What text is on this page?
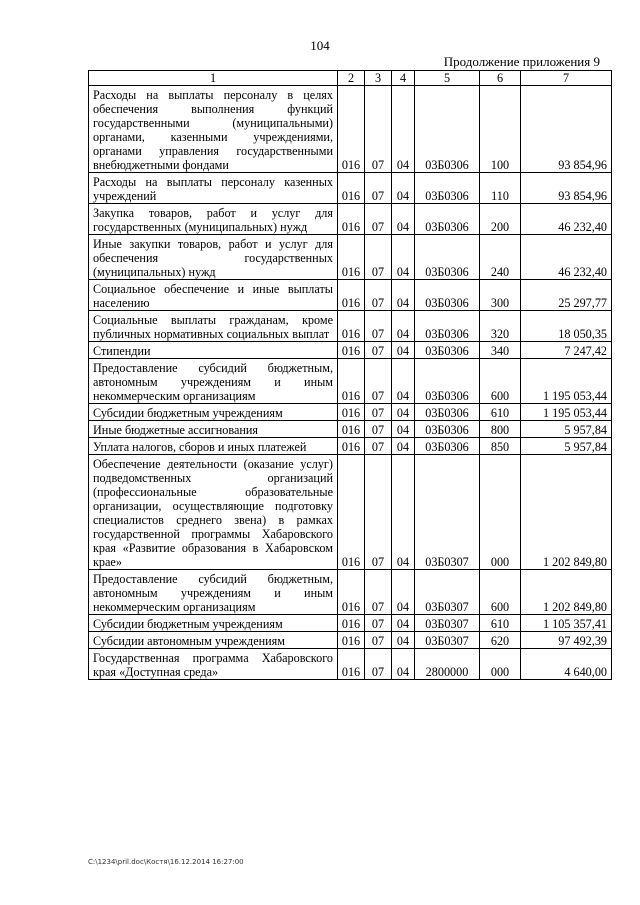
104
Продолжение приложения 9
1	2	3	4	5	6	7
Расходы на выплаты персоналу в целях обеспечения выполнения функций государственными (муниципальными) органами, казенными учреждениями, органами управления государственными внебюджетными фондами	016	07	04	03Б0306	100	93 854,96
Расходы на выплаты персоналу казенных учреждений	016	07	04	03Б0306	110	93 854,96
Закупка товаров, работ и услуг для государственных (муниципальных) нужд	016	07	04	03Б0306	200	46 232,40
Иные закупки товаров, работ и услуг для обеспечения государственных (муниципальных) нужд	016	07	04	03Б0306	240	46 232,40
Социальное обеспечение и иные выплаты населению	016	07	04	03Б0306	300	25 297,77
Социальные выплаты гражданам, кроме публичных нормативных социальных выплат	016	07	04	03Б0306	320	18 050,35
Стипендии	016	07	04	03Б0306	340	7 247,42
Предоставление субсидий бюджетным, автономным учреждениям и иным некоммерческим организациям	016	07	04	03Б0306	600	1 195 053,44
Субсидии бюджетным учреждениям	016	07	04	03Б0306	610	1 195 053,44
Иные бюджетные ассигнования	016	07	04	03Б0306	800	5 957,84
Уплата налогов, сборов и иных платежей	016	07	04	03Б0306	850	5 957,84
Обеспечение деятельности (оказание услуг) подведомственных организаций (профессиональные образовательные организации, осуществляющие подготовку специалистов среднего звена) в рамках государственной программы Хабаровского края «Развитие образования в Хабаровском крае»	016	07	04	03Б0307	000	1 202 849,80
Предоставление субсидий бюджетным, автономным учреждениям и иным некоммерческим организациям	016	07	04	03Б0307	600	1 202 849,80
Субсидии бюджетным учреждениям	016	07	04	03Б0307	610	1 105 357,41
Субсидии автономным учреждениям	016	07	04	03Б0307	620	97 492,39
Государственная программа Хабаровского края «Доступная среда»	016	07	04	2800000	000	4 640,00
C:\1234\pril.doc\Костя\16.12.2014 16:27:00
